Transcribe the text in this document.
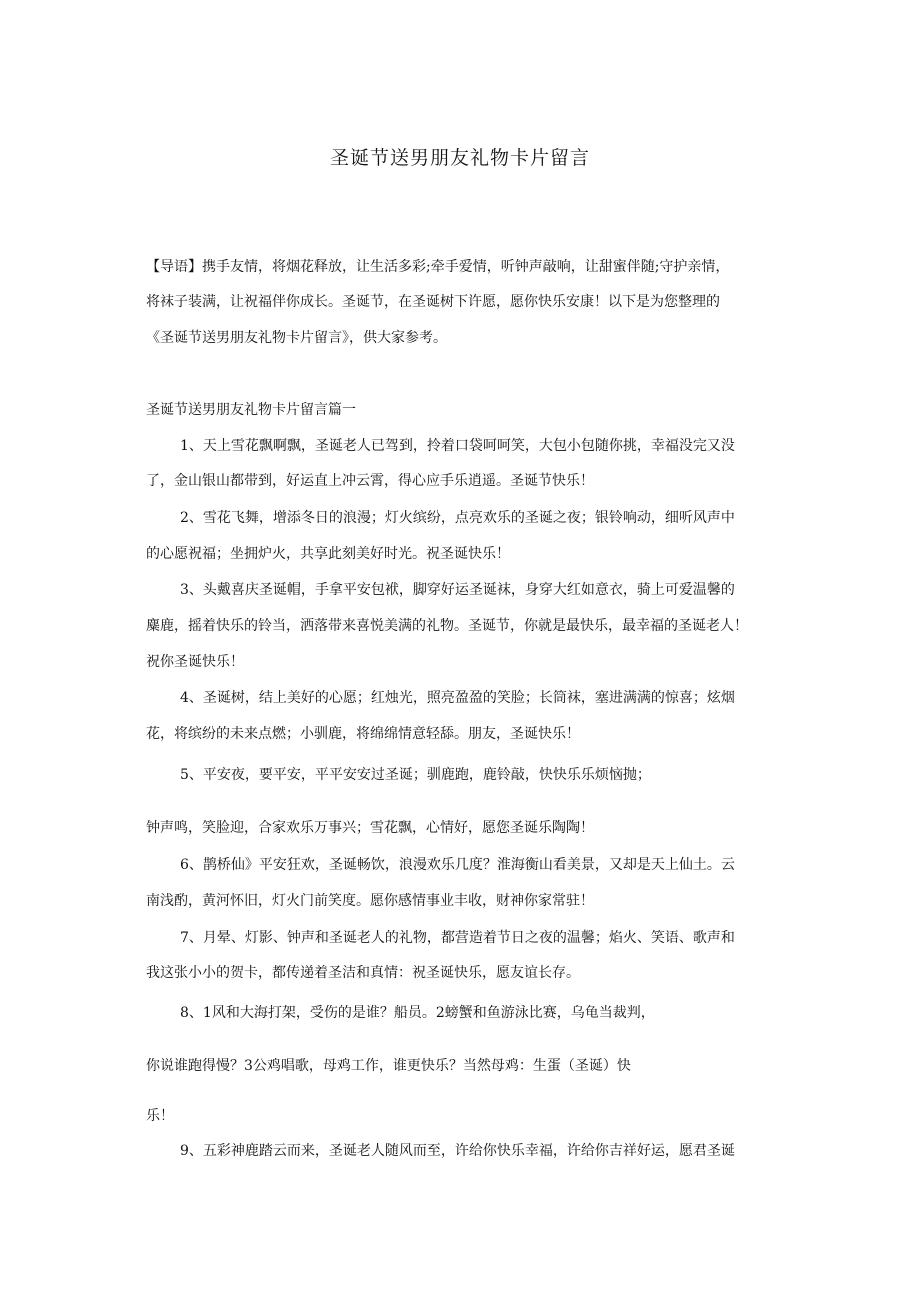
圣诞节送男朋友礼物卡片留言
【导语】携手友情，将烟花释放，让生活多彩;牵手爱情，听钟声敲响，让甜蜜伴随;守护亲情，
将袜子装满，让祝福伴你成长。圣诞节，在圣诞树下许愿，愿你快乐安康！以下是为您整理的
《圣诞节送男朋友礼物卡片留言》，供大家参考。
圣诞节送男朋友礼物卡片留言篇一
1、天上雪花飘啊飘，圣诞老人已驾到，拎着口袋呵呵笑，大包小包随你挑，幸福没完又没
了，金山银山都带到，好运直上冲云霄，得心应手乐逍遥。圣诞节快乐！
2、雪花飞舞，增添冬日的浪漫；灯火缤纷，点亮欢乐的圣诞之夜；银铃响动，细听风声中
的心愿祝福；坐拥炉火，共享此刻美好时光。祝圣诞快乐！
3、头戴喜庆圣诞帽，手拿平安包袱，脚穿好运圣诞袜，身穿大红如意衣，骑上可爱温馨的
麋鹿，摇着快乐的铃当，洒落带来喜悦美满的礼物。圣诞节，你就是最快乐，最幸福的圣诞老人！
祝你圣诞快乐！
4、圣诞树，结上美好的心愿；红烛光，照亮盈盈的笑脸；长筒袜，塞进满满的惊喜；炫烟
花，将缤纷的未来点燃；小驯鹿，将绵绵情意轻舔。朋友，圣诞快乐！
5、平安夜，要平安，平平安安过圣诞；驯鹿跑，鹿铃敲，快快乐乐烦恼抛；
钟声鸣，笑脸迎，合家欢乐万事兴；雪花飘，心情好，愿您圣诞乐陶陶！
6、鹊桥仙》平安狂欢，圣诞畅饮，浪漫欢乐几度？淮海衡山看美景，又却是天上仙土。云
南浅酌，黄河怀旧，灯火门前笑度。愿你感情事业丰收，财神你家常驻！
7、月晕、灯影、钟声和圣诞老人的礼物，都营造着节日之夜的温馨；焰火、笑语、歌声和
我这张小小的贺卡，都传递着圣洁和真情：祝圣诞快乐，愿友谊长存。
8、1风和大海打架，受伤的是谁？船员。2螃蟹和鱼游泳比赛，乌龟当裁判，
你说谁跑得慢？3公鸡唱歌，母鸡工作，谁更快乐？当然母鸡：生蛋（圣诞）快
乐！
9、五彩神鹿踏云而来，圣诞老人随风而至，许给你快乐幸福，许给你吉祥好运，愿君圣诞
